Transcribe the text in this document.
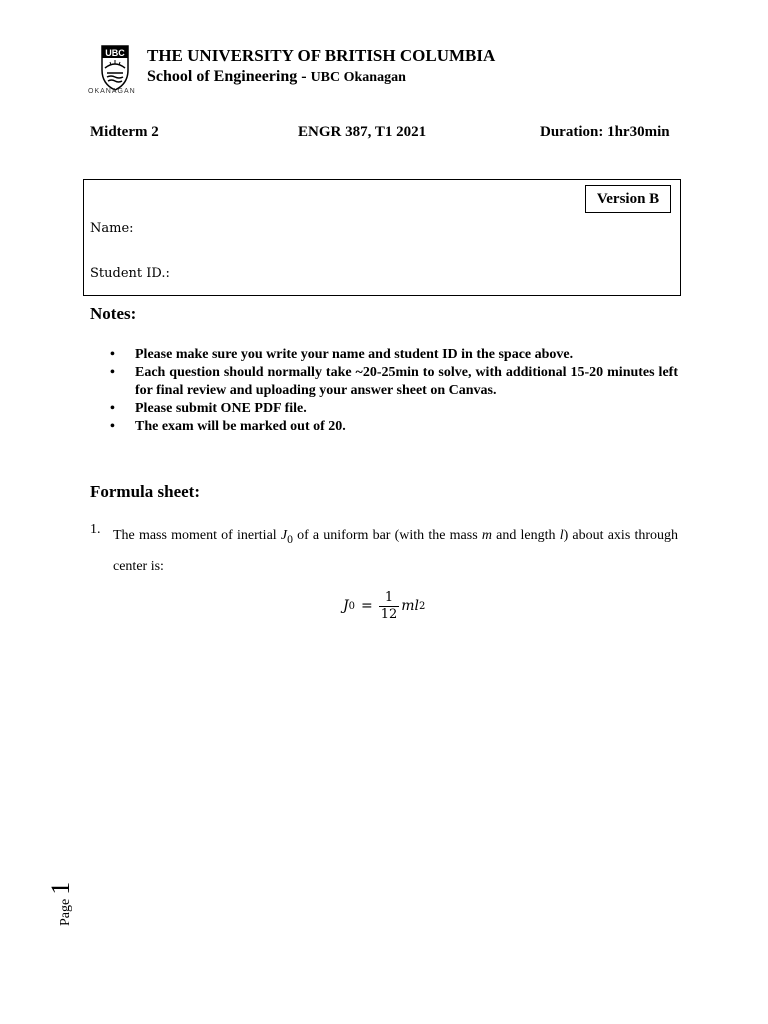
UBC
OKANAGAN
THE UNIVERSITY OF BRITISH COLUMBIA
School of Engineering - UBC Okanagan
Midterm 2	ENGR 387, T1 2021	Duration: 1hr30min
Version B
Name:
Student ID.:
Notes:
• Please make sure you write your name and student ID in the space above.
• Each question should normally take ~20-25min to solve, with additional 15-20 minutes left for final review and uploading your answer sheet on Canvas.
• Please submit ONE PDF file.
• The exam will be marked out of 20.
Formula sheet:
1. The mass moment of inertial $J_0$ of a uniform bar (with the mass m and length l) about axis through center is:
J $0 = \frac{1}{12}$ ml 2
Page
1
